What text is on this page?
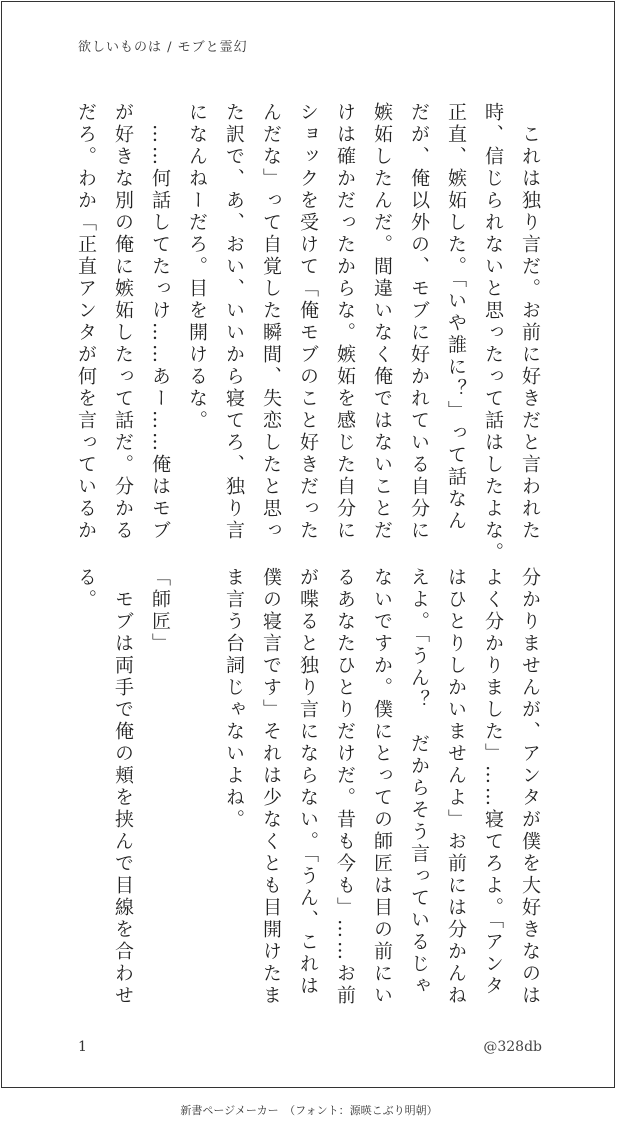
欲しいものは / モブと霊幻
　これは独り言だ。お前に好きだと言われた
時、信じられないと思ったって話はしたよな。
正直、嫉妬した。「いや誰に？」って話なん
だが、俺以外の、モブに好かれている自分に
嫉妬したんだ。間違いなく俺ではないことだ
けは確かだったからな。嫉妬を感じた自分に
ショックを受けて「俺モブのこと好きだった
んだな」って自覚した瞬間、失恋したと思っ
た訳で、あ、おい、いいから寝てろ、独り言
になんねーだろ。目を開けるな。
　……何話してたっけ……あー……俺はモブ
が好きな別の俺に嫉妬したって話だ。分かる
だろ。わか「正直アンタが何を言っているか
分かりませんが、アンタが僕を大好きなのは
よく分かりました」……寝てろよ。「アンタ
はひとりしかいませんよ」お前には分かんね
えよ。「うん？　だからそう言っているじゃ
ないですか。僕にとっての師匠は目の前にい
るあなたひとりだけだ。昔も今も」……お前
が喋ると独り言にならない。「うん、これは
僕の寝言です」それは少なくとも目開けたま
ま言う台詞じゃないよね。

「師匠」
　モブは両手で俺の頬を挟んで目線を合わせ
る。
1	@328db
新書ページメーカー　（フォント：源暎こぶり明朝）
